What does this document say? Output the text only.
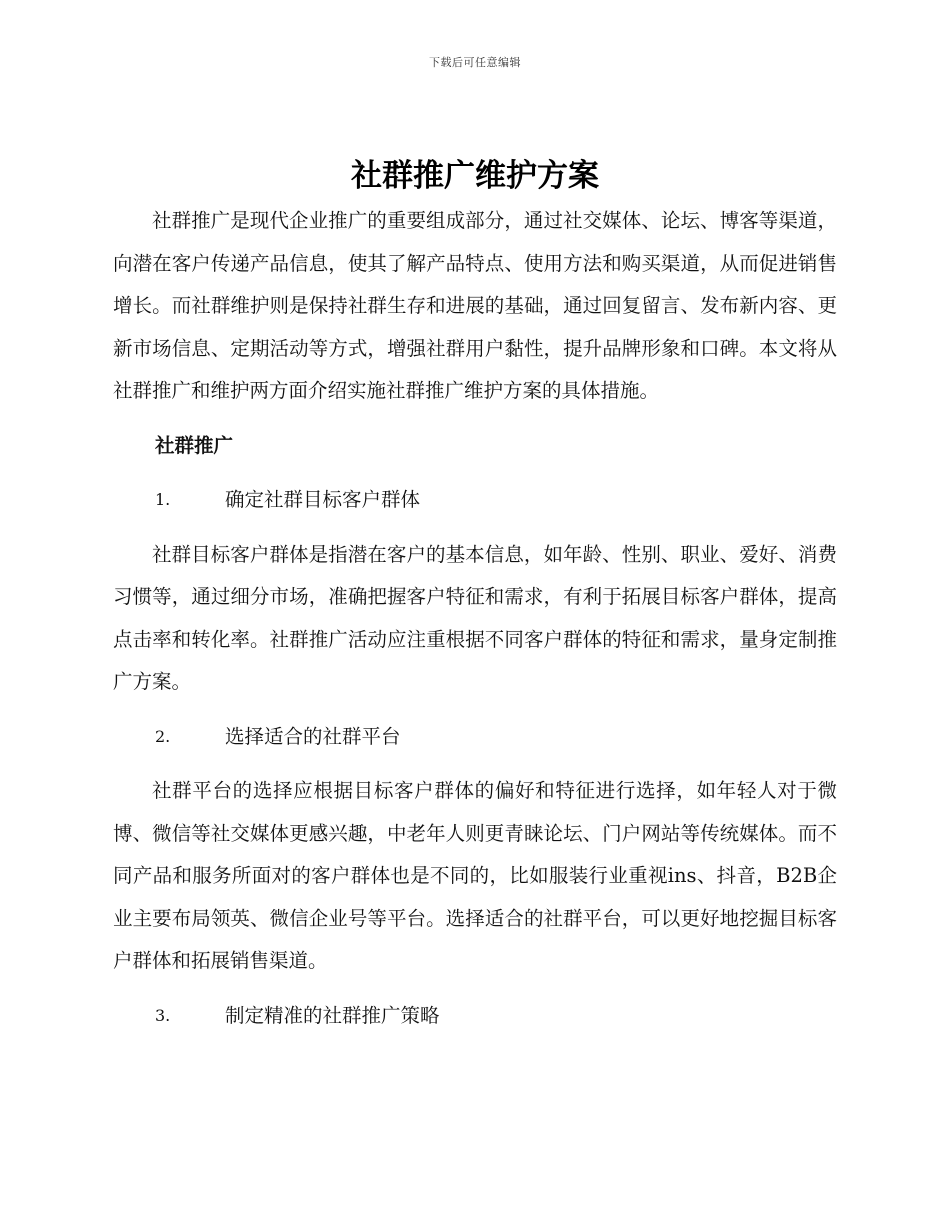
下载后可任意编辑
社群推广维护方案

社群推广是现代企业推广的重要组成部分，通过社交媒体、论坛、博客等渠道，向潜在客户传递产品信息，使其了解产品特点、使用方法和购买渠道，从而促进销售增长。而社群维护则是保持社群生存和进展的基础，通过回复留言、发布新内容、更新市场信息、定期活动等方式，增强社群用户黏性，提升品牌形象和口碑。本文将从社群推广和维护两方面介绍实施社群推广维护方案的具体措施。

社群推广
1.	确定社群目标客户群体

社群目标客户群体是指潜在客户的基本信息，如年龄、性别、职业、爱好、消费习惯等，通过细分市场，准确把握客户特征和需求，有利于拓展目标客户群体，提高点击率和转化率。社群推广活动应注重根据不同客户群体的特征和需求，量身定制推广方案。

2.	选择适合的社群平台

社群平台的选择应根据目标客户群体的偏好和特征进行选择，如年轻人对于微博、微信等社交媒体更感兴趣，中老年人则更青睐论坛、门户网站等传统媒体。而不同产品和服务所面对的客户群体也是不同的，比如服装行业重视ins、抖音，B2B企业主要布局领英、微信企业号等平台。选择适合的社群平台，可以更好地挖掘目标客户群体和拓展销售渠道。

3.	制定精准的社群推广策略
